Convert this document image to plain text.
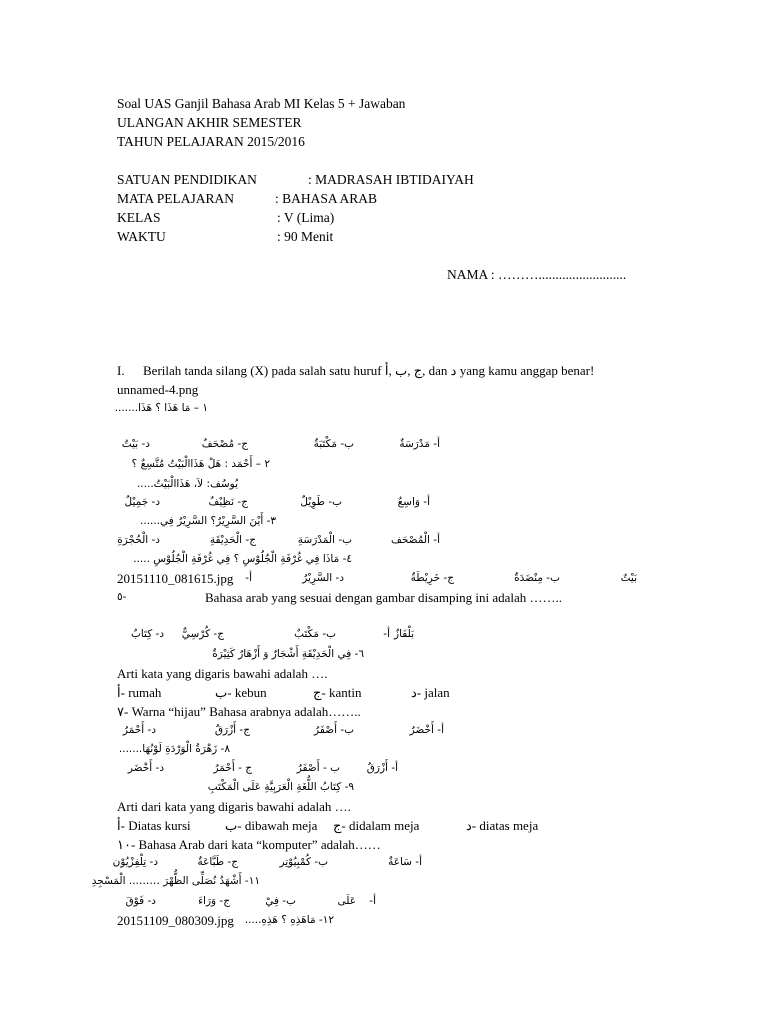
Soal UAS Ganjil Bahasa Arab MI Kelas 5 + Jawaban
ULANGAN AKHIR SEMESTER
TAHUN PELAJARAN 2015/2016
SATUAN PENDIDIKAN	: MADRASAH IBTIDAIYAH
MATA PELAJARAN	: BAHASA ARAB
KELAS	: V (Lima)
WAKTU	: 90 Menit
NAMA : ………..........................
I. Berilah tanda silang (X) pada salah satu huruf ج ,ب ,أ, dan د yang kamu anggap benar!
unnamed-4.png
١ – مَا هَذَا ؟ هَذَا.......
أ- مَدْرَسَةٌ
ب- مَكْتَبَةٌ
ج- مُصْحَفٌ
د- بَيْتٌ
٢ – أَحْمَد : هَلْ هَذَاالْبَيْتُ مُتَّسِعٌ ؟
يُوسُف: لاَ، هَذَاالْبَيْتُ.....
أ- وَاسِعٌ
ب- طَوِيْلٌ
ج- نَظِيْفٌ
د- جَمِيْلٌ
٣- أَيْنَ السَّرِيْرُ؟ السَّرِيْرُ فِي......
أ- الْمُصْحَف
ب- الْمَدْرَسَةِ
ج- الْحَدِيْقَةِ
د- الْحُجْرَةِ
٤- مَاذَا فِي غُرْفَةِ الْجُلُوْسِ ؟ فِي غُرْفَةِ الْجُلُوْسِ .....
20151110_081615.jpg أ-	د- السَّرِيْرُ	ج- خَرِيْطَةٌ	ب- مِنْضَدَةٌ	بَيْتٌ
٥-	Bahasa arab yang sesuai dengan gambar disamping ini adalah ……..
أ- بَلْفَازٌ
ب- مَكْتَبٌ
ج- كُرْسِيٌّ
د- كِتَابٌ
٦- فِي الْحَدِيْقَةِ أَشْجَارٌ وَ أَزْهَارٌ كَثِيْرَةٌ
Arti kata yang digaris bawahi adalah ….
أ- rumah	ب- kebun	ج- kantin	د- jalan
٧- Warna “hijau” Bahasa arabnya adalah……..
أ- أَخْضَرُ
ب- أَصْفَرُ
ج- أَزْرَقُ
د- أَحْمَرُ
٨- زَهْرَةُ الْوَرْدَةِ لَوْنُهَا.......
أ- أَزْرَقُ
ب - أَصْفَرُ
ج - أَحْمَرُ
د- أَخْضَر
٩- كِتَابُ اللُّغَةِ الْعَرَبِيَّةِ عَلَى الْمَكْتَبِ
Arti dari kata yang digaris bawahi adalah ….
أ- Diatas kursi	ب- dibawah meja ج- didalam meja	د- diatas meja
١٠- Bahasa Arab dari kata “komputer” adalah……
أ- سَاعَةٌ
ب- كُمْبِيُوْتِر
ج- طَبَّاعَةٌ
د- تِلْفِزْيُوْن
١١- أَشْهَدُ نُصَلِّى الظُّهْرَ ……... الْمَسْجِدِ
أ-
عَلَى
ب- فِيْ
ج- وَرَاءَ
د- فَوْقَ
20151109_080309.jpg ١٢- مَاهَذِهِ ؟ هَذِهِ.....
